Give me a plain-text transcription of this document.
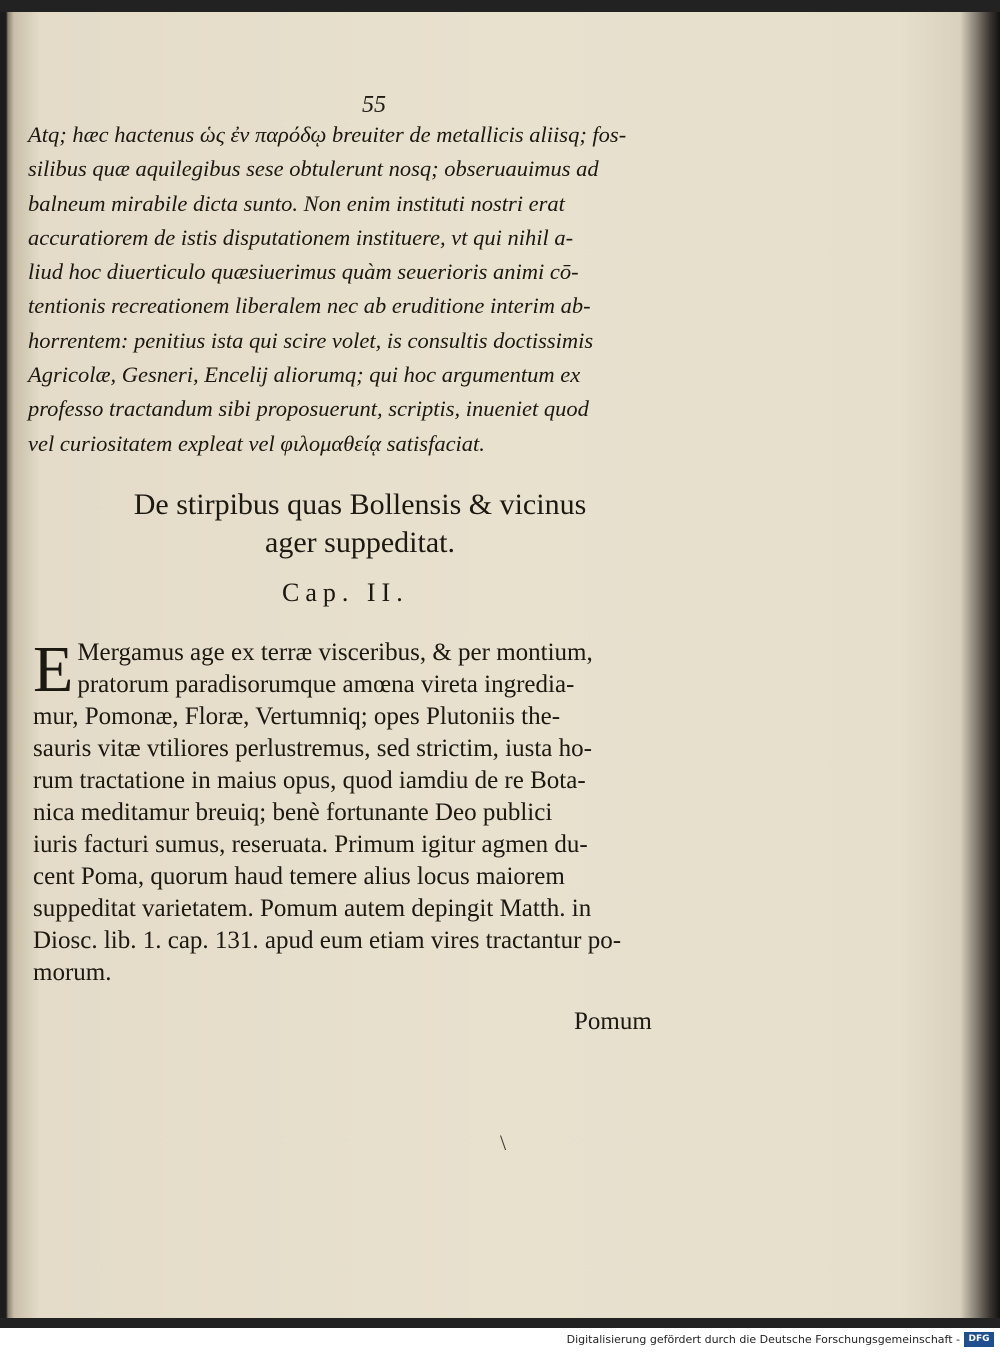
55
Atq; hæc hactenus ὡς ἐν παρόδῳ breuiter de metallicis aliisq; fos-
silibus quæ aquilegibus sese obtulerunt nosq; obseruauimus ad
balneum mirabile dicta sunto. Non enim instituti nostri erat
accuratiorem de istis disputationem instituere, vt qui nihil a-
liud hoc diuerticulo quæsiuerimus quàm seuerioris animi cō-
tentionis recreationem liberalem nec ab eruditione interim ab-
horrentem: penitius ista qui scire volet, is consultis doctissimis
Agricolæ, Gesneri, Encelij aliorumq; qui hoc argumentum ex
professo tractandum sibi proposuerunt, scriptis, inueniet quod
vel curiositatem expleat vel φιλομαθείᾳ satisfaciat.
De stirpibus quas Bollensis & vicinus
ager suppeditat.
Cap. II.
E Mergamus age ex terræ visceribus, & per montium,
pratorum paradisorumque amœna vireta ingredia-
mur, Pomonæ, Floræ, Vertumniq; opes Plutoniis the-
sauris vitæ vtiliores perlustremus, sed strictim, iusta ho-
rum tractatione in maius opus, quod iamdiu de re Bota-
nica meditamur breuiq; benè fortunante Deo publici
iuris facturi sumus, reseruata. Primum igitur agmen du-
cent Poma, quorum haud temere alius locus maiorem
suppeditat varietatem. Pomum autem depingit Matth. in
Diosc. lib. 1. cap. 131. apud eum etiam vires tractantur po-
morum.
Pomum
\
Digitalisierung gefördert durch die Deutsche Forschungsgemeinschaft - DFG
